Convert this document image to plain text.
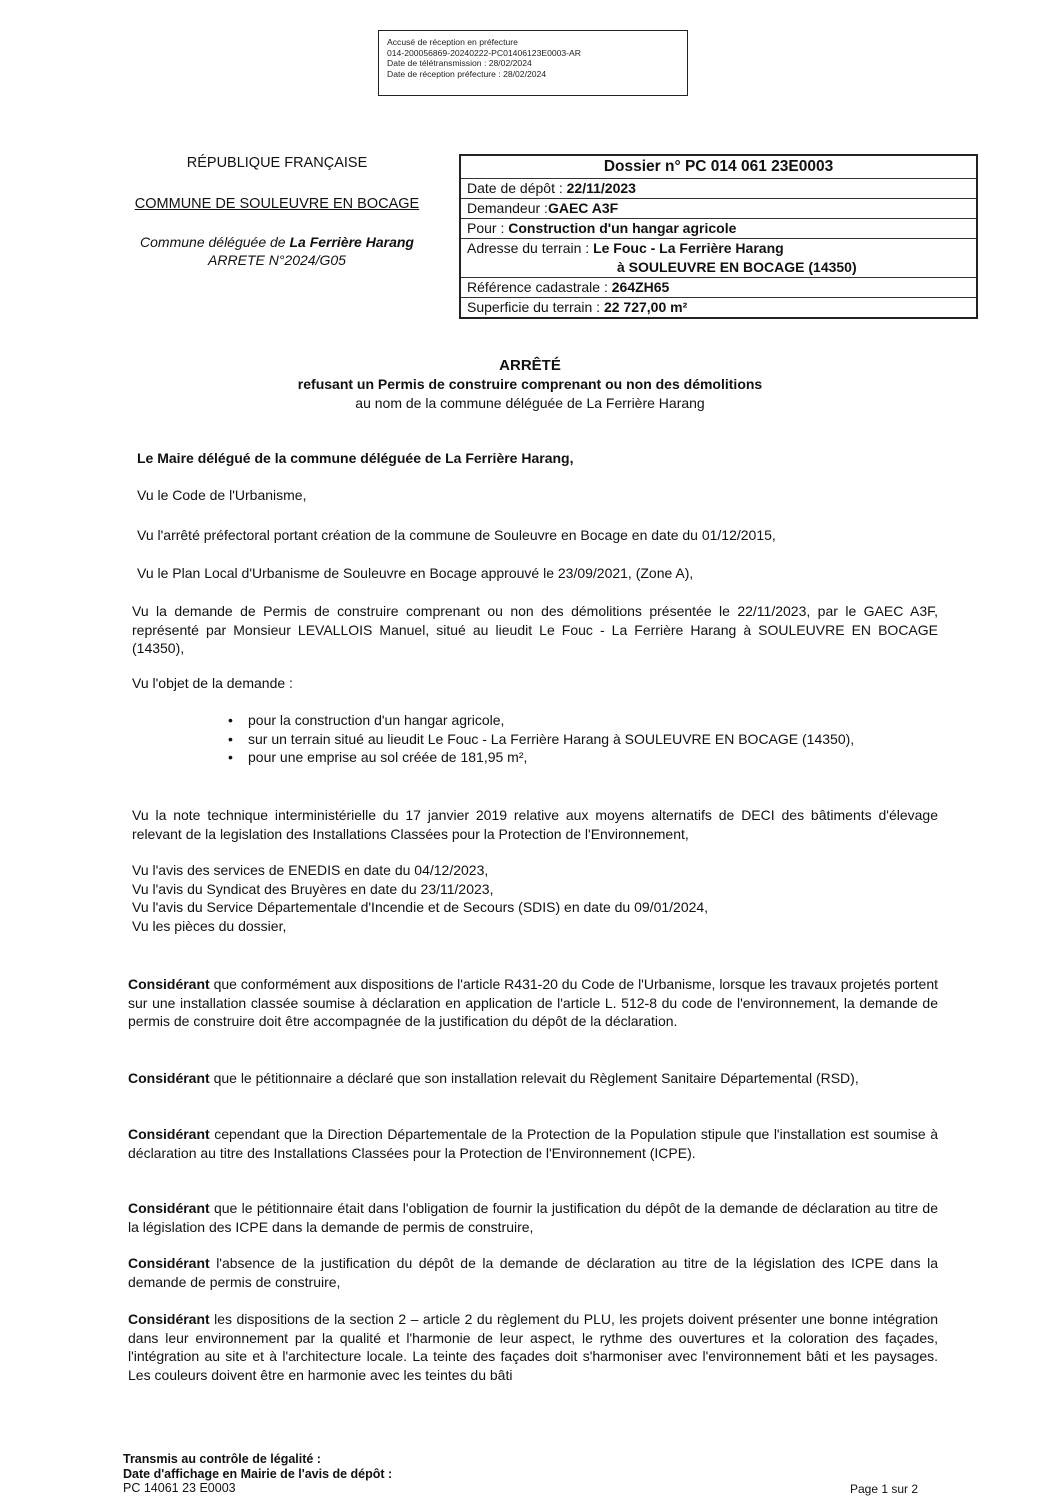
Accusé de réception en préfecture
014-200056869-20240222-PC01406123E0003-AR
Date de télétransmission : 28/02/2024
Date de réception préfecture : 28/02/2024
RÉPUBLIQUE FRANÇAISE
COMMUNE DE SOULEUVRE EN BOCAGE
Commune déléguée de La Ferrière Harang
ARRETE N°2024/G05
Dossier n° PC 014 061 23E0003
Date de dépôt : 22/11/2023
Demandeur :GAEC A3F
Pour : Construction d'un hangar agricole
Adresse du terrain : Le Fouc - La Ferrière Harang
à SOULEUVRE EN BOCAGE (14350)
Référence cadastrale : 264ZH65
Superficie du terrain : 22 727,00 m²
ARRÊTÉ
refusant un Permis de construire comprenant ou non des démolitions
au nom de la commune déléguée de La Ferrière Harang
Le Maire délégué de la commune déléguée de La Ferrière Harang,
Vu le Code de l'Urbanisme,
Vu l'arrêté préfectoral portant création de la commune de Souleuvre en Bocage en date du 01/12/2015,
Vu le Plan Local d'Urbanisme de Souleuvre en Bocage approuvé le 23/09/2021, (Zone A),
Vu la demande de Permis de construire comprenant ou non des démolitions présentée le 22/11/2023, par le GAEC A3F, représenté par Monsieur LEVALLOIS Manuel, situé au lieudit Le Fouc - La Ferrière Harang à SOULEUVRE EN BOCAGE (14350),
Vu l'objet de la demande :
• pour la construction d'un hangar agricole,
• sur un terrain situé au lieudit Le Fouc - La Ferrière Harang à SOULEUVRE EN BOCAGE (14350),
• pour une emprise au sol créée de 181,95 m²,
Vu la note technique interministérielle du 17 janvier 2019 relative aux moyens alternatifs de DECI des bâtiments d'élevage relevant de la legislation des Installations Classées pour la Protection de l'Environnement,
Vu l'avis des services de ENEDIS en date du 04/12/2023,
Vu l'avis du Syndicat des Bruyères en date du 23/11/2023,
Vu l'avis du Service Départementale d'Incendie et de Secours (SDIS) en date du 09/01/2024,
Vu les pièces du dossier,

Considérant que conformément aux dispositions de l'article R431-20 du Code de l'Urbanisme, lorsque les travaux projetés portent sur une installation classée soumise à déclaration en application de l'article L. 512-8 du code de l'environnement, la demande de permis de construire doit être accompagnée de la justification du dépôt de la déclaration.

Considérant que le pétitionnaire a déclaré que son installation relevait du Règlement Sanitaire Départemental (RSD),

Considérant cependant que la Direction Départementale de la Protection de la Population stipule que l'installation est soumise à déclaration au titre des Installations Classées pour la Protection de l'Environnement (ICPE).

Considérant que le pétitionnaire était dans l'obligation de fournir la justification du dépôt de la demande de déclaration au titre de la législation des ICPE dans la demande de permis de construire,

Considérant l'absence de la justification du dépôt de la demande de déclaration au titre de la législation des ICPE dans la demande de permis de construire,

Considérant les dispositions de la section 2 – article 2 du règlement du PLU, les projets doivent présenter une bonne intégration dans leur environnement par la qualité et l'harmonie de leur aspect, le rythme des ouvertures et la coloration des façades, l'intégration au site et à l'architecture locale. La teinte des façades doit s'harmoniser avec l'environnement bâti et les paysages. Les couleurs doivent être en harmonie avec les teintes du bâti

Transmis au contrôle de légalité :
Date d'affichage en Mairie de l'avis de dépôt :
PC 14061 23 E0003	Page 1 sur 2
